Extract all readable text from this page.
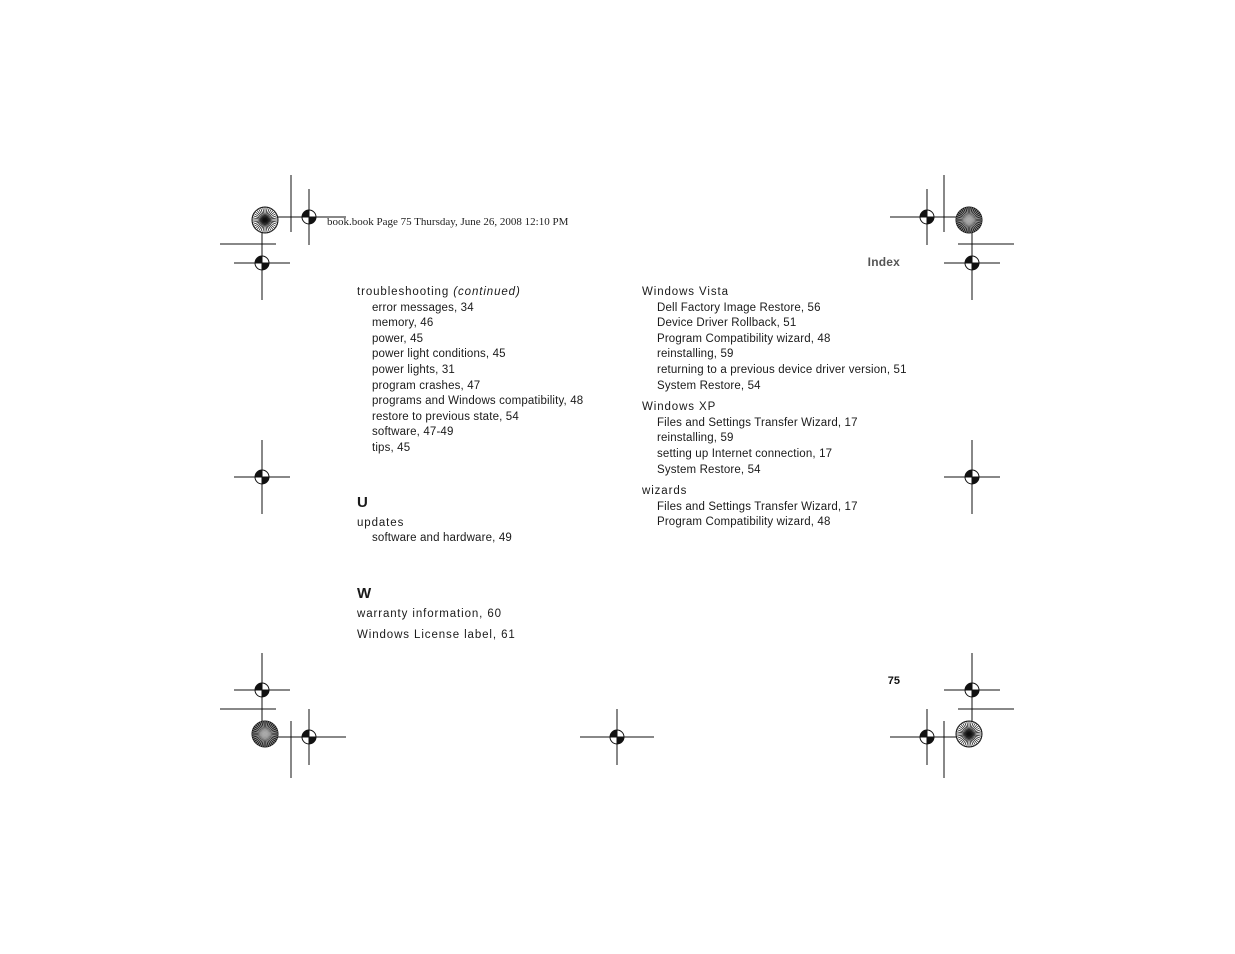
book.book Page 75 Thursday, June 26, 2008 12:10 PM
Index
75

troubleshooting (continued)

error messages, 34

memory, 46

power, 45

power light conditions, 45

power lights, 31

program crashes, 47

programs and Windows compatibility, 48

restore to previous state, 54

software, 47-49

tips, 45

U

updates

software and hardware, 49

W

warranty information, 60

Windows License label, 61

Windows Vista

Dell Factory Image Restore, 56

Device Driver Rollback, 51

Program Compatibility wizard, 48

reinstalling, 59

returning to a previous device driver version, 51

System Restore, 54

Windows XP

Files and Settings Transfer Wizard, 17

reinstalling, 59

setting up Internet connection, 17

System Restore, 54

wizards

Files and Settings Transfer Wizard, 17

Program Compatibility wizard, 48
